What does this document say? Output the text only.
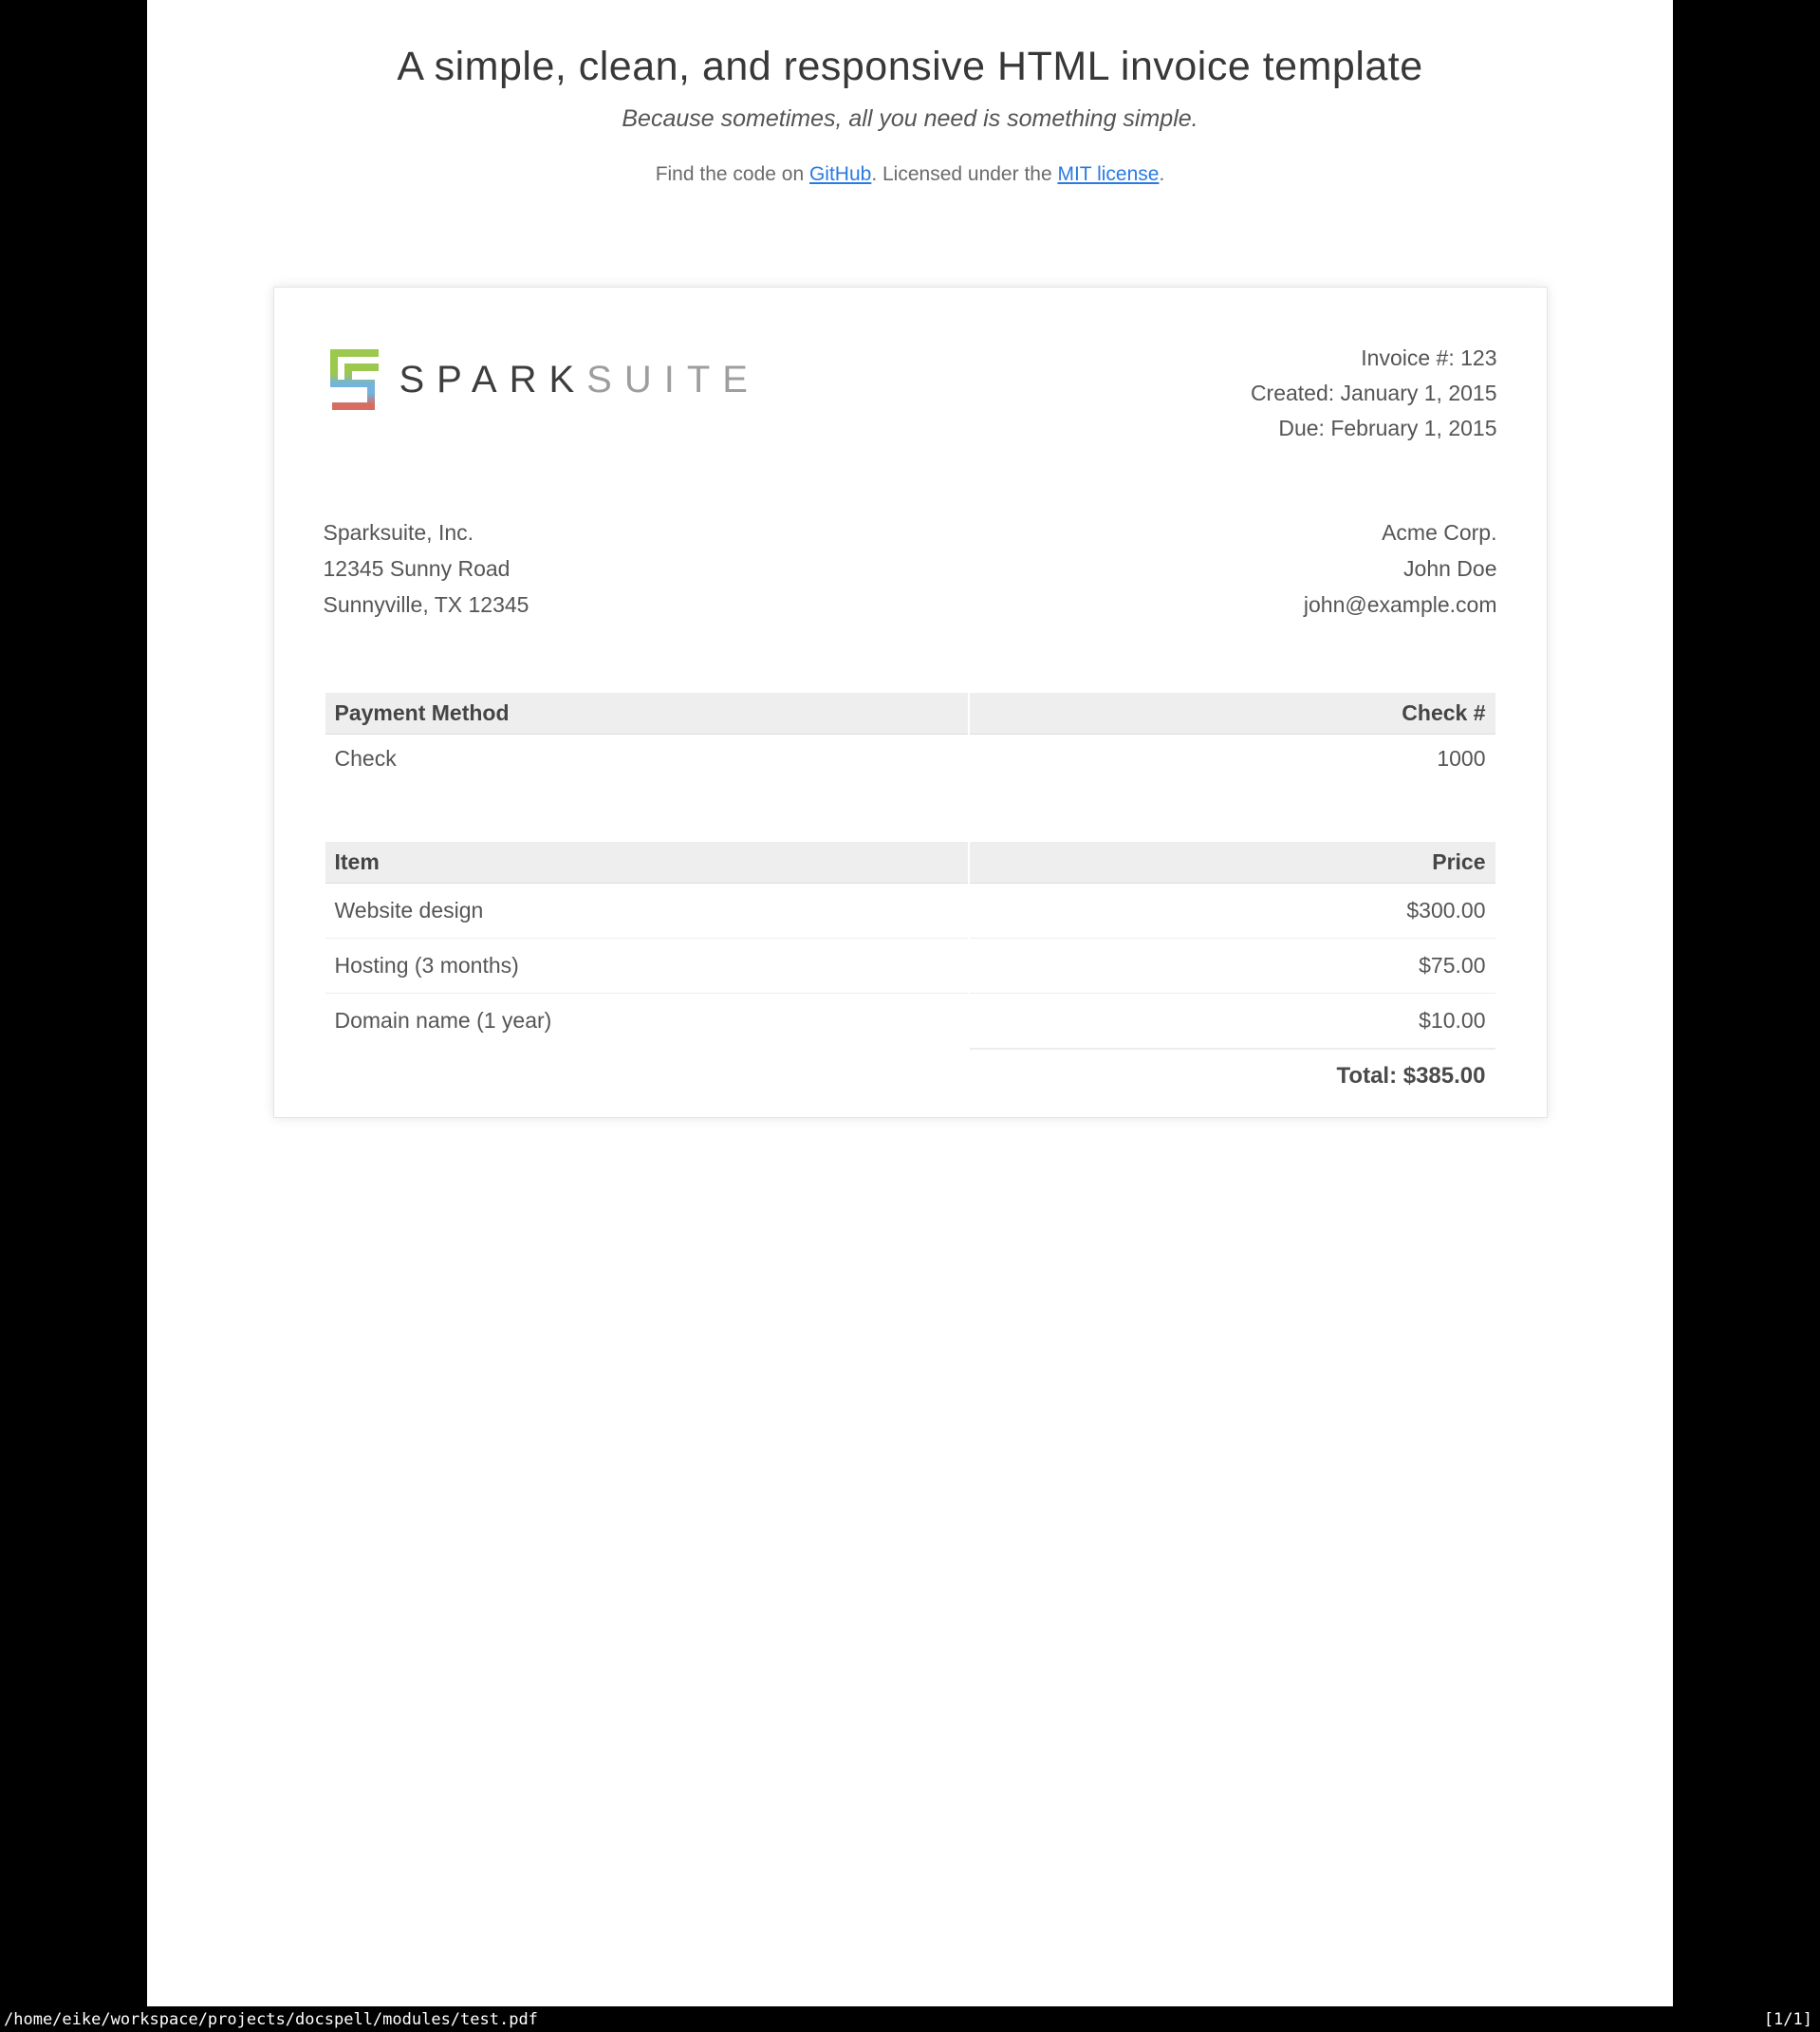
A simple, clean, and responsive HTML invoice template
Because sometimes, all you need is something simple.
Find the code on GitHub. Licensed under the MIT license.
SPARKSUITE
Invoice #: 123
Created: January 1, 2015
Due: February 1, 2015
Sparksuite, Inc.
12345 Sunny Road
Sunnyville, TX 12345
Acme Corp.
John Doe
john@example.com
Payment Method	Check #
Check	1000
Item	Price
Website design	$300.00
Hosting (3 months)	$75.00
Domain name (1 year)	$10.00
	Total: $385.00
/home/eike/workspace/projects/docspell/modules/test.pdf	[1/1]
